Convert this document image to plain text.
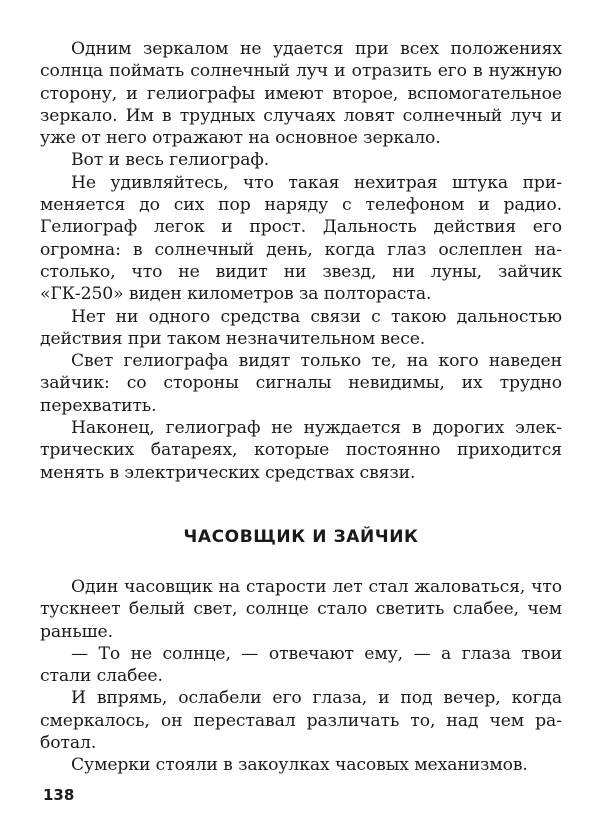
Одним зеркалом не удается при всех положениях солнца поймать солнечный луч и отразить его в нужную сторону, и гелиографы имеют второе, вспомогательное зеркало. Им в трудных случаях ловят солнечный луч и уже от него отражают на основное зеркало.

Вот и весь гелиограф.

Не удивляйтесь, что такая нехитрая штука применяется до сих пор наряду с телефоном и радио. Гелиограф легок и прост. Дальность действия его огромна: в солнечный день, когда глаз ослеплен настолько, что не видит ни звезд, ни луны, зайчик «ГК-250» виден километров за полтораста.

Нет ни одного средства связи с такою дальностью действия при таком незначительном весе.

Свет гелиографа видят только те, на кого наведен зайчик: со стороны сигналы невидимы, их трудно перехватить.

Наконец, гелиограф не нуждается в дорогих электрических батареях, которые постоянно приходится менять в электрических средствах связи.

ЧАСОВЩИК И ЗАЙЧИК

Один часовщик на старости лет стал жаловаться, что тускнеет белый свет, солнце стало светить слабее, чем раньше.

— То не солнце, — отвечают ему, — а глаза твои стали слабее.

И впрямь, ослабели его глаза, и под вечер, когда смеркалось, он переставал различать то, над чем работал.

Сумерки стояли в закоулках часовых механизмов.

138
